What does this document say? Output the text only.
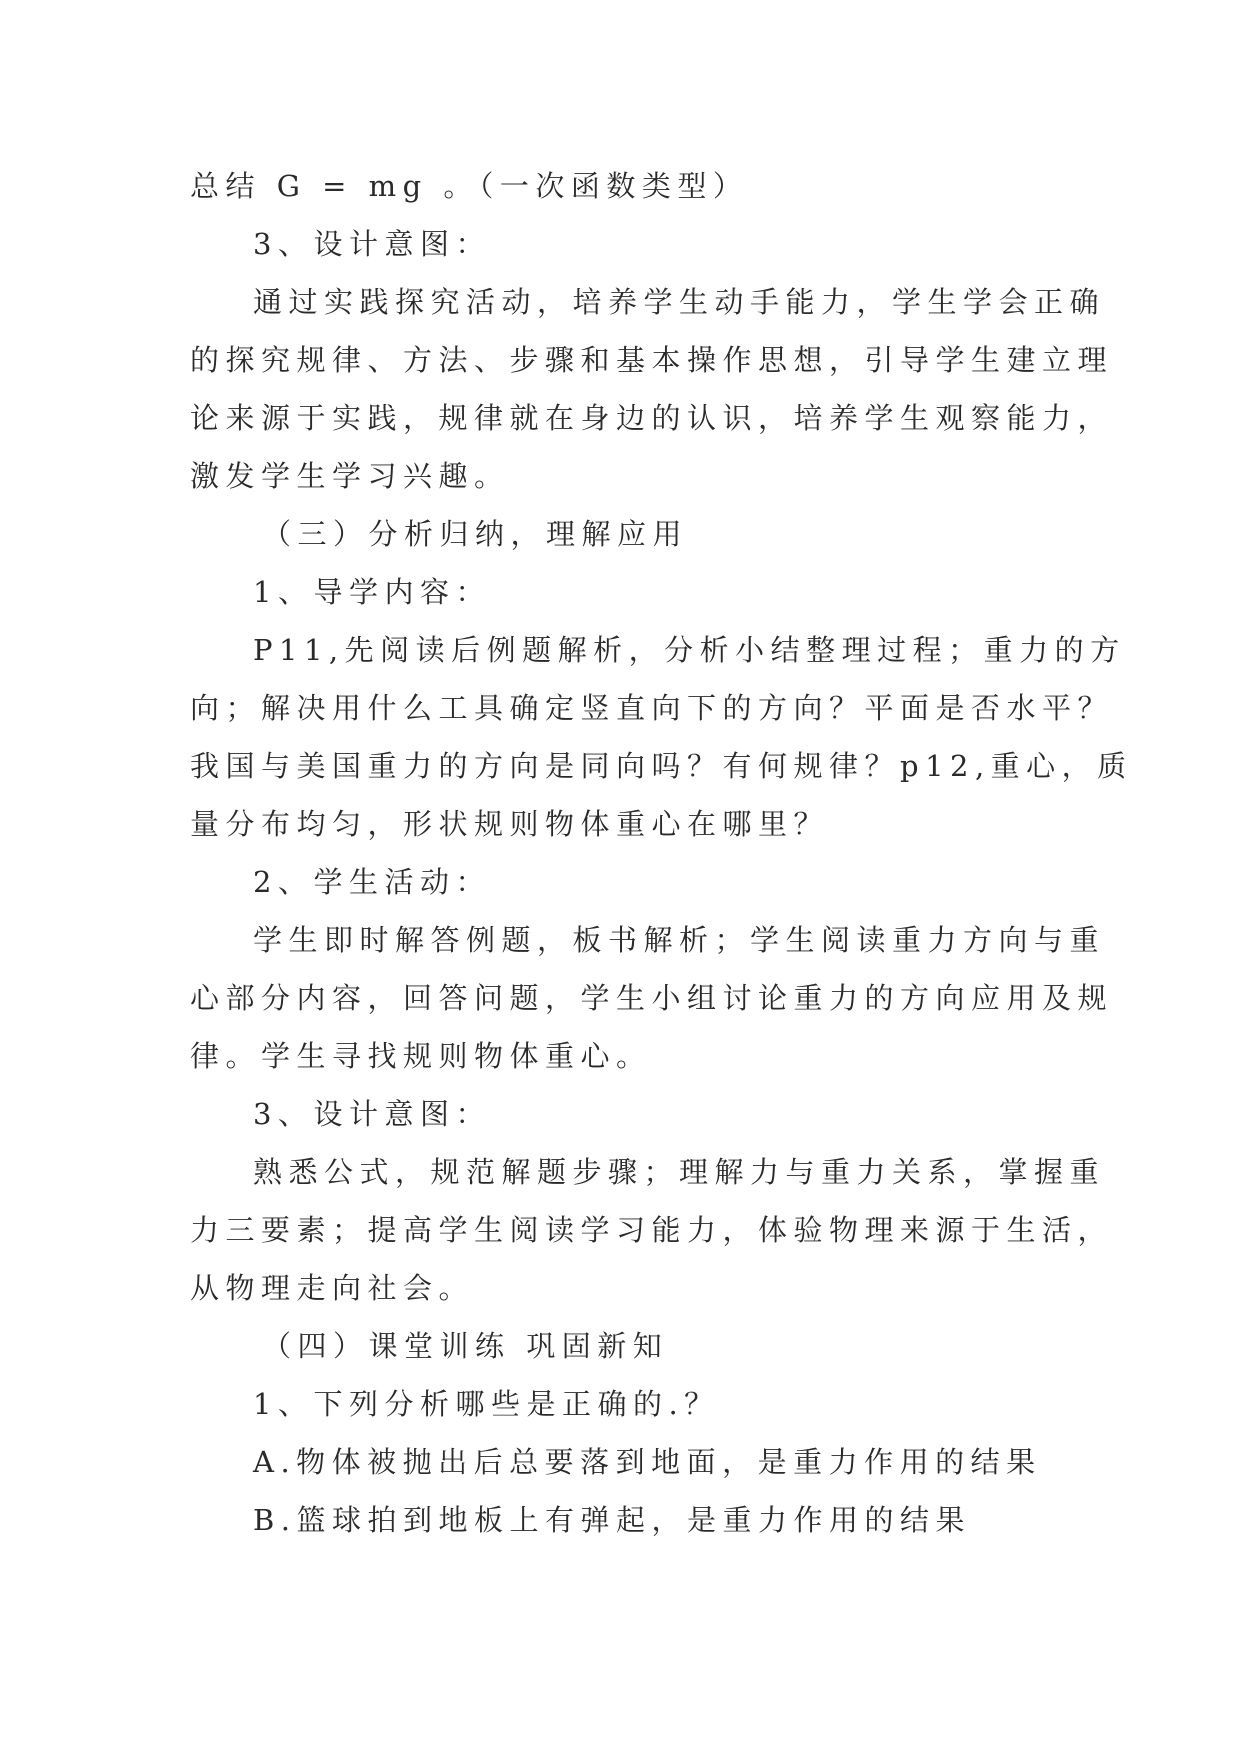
总结 G = mg 。（一次函数类型）
3、设计意图：
通过实践探究活动，培养学生动手能力，学生学会正确
的探究规律、方法、步骤和基本操作思想，引导学生建立理
论来源于实践，规律就在身边的认识，培养学生观察能力，
激发学生学习兴趣。
（三）分析归纳，理解应用
1、导学内容：
P11,先阅读后例题解析，分析小结整理过程；重力的方
向；解决用什么工具确定竖直向下的方向？平面是否水平？
我国与美国重力的方向是同向吗？有何规律？p12,重心，质
量分布均匀，形状规则物体重心在哪里？
2、学生活动：
学生即时解答例题，板书解析；学生阅读重力方向与重
心部分内容，回答问题，学生小组讨论重力的方向应用及规
律。学生寻找规则物体重心。
3、设计意图：
熟悉公式，规范解题步骤；理解力与重力关系，掌握重
力三要素；提高学生阅读学习能力，体验物理来源于生活，
从物理走向社会。
（四）课堂训练 巩固新知
1、下列分析哪些是正确的.？
A.物体被抛出后总要落到地面，是重力作用的结果
B.篮球拍到地板上有弹起，是重力作用的结果
